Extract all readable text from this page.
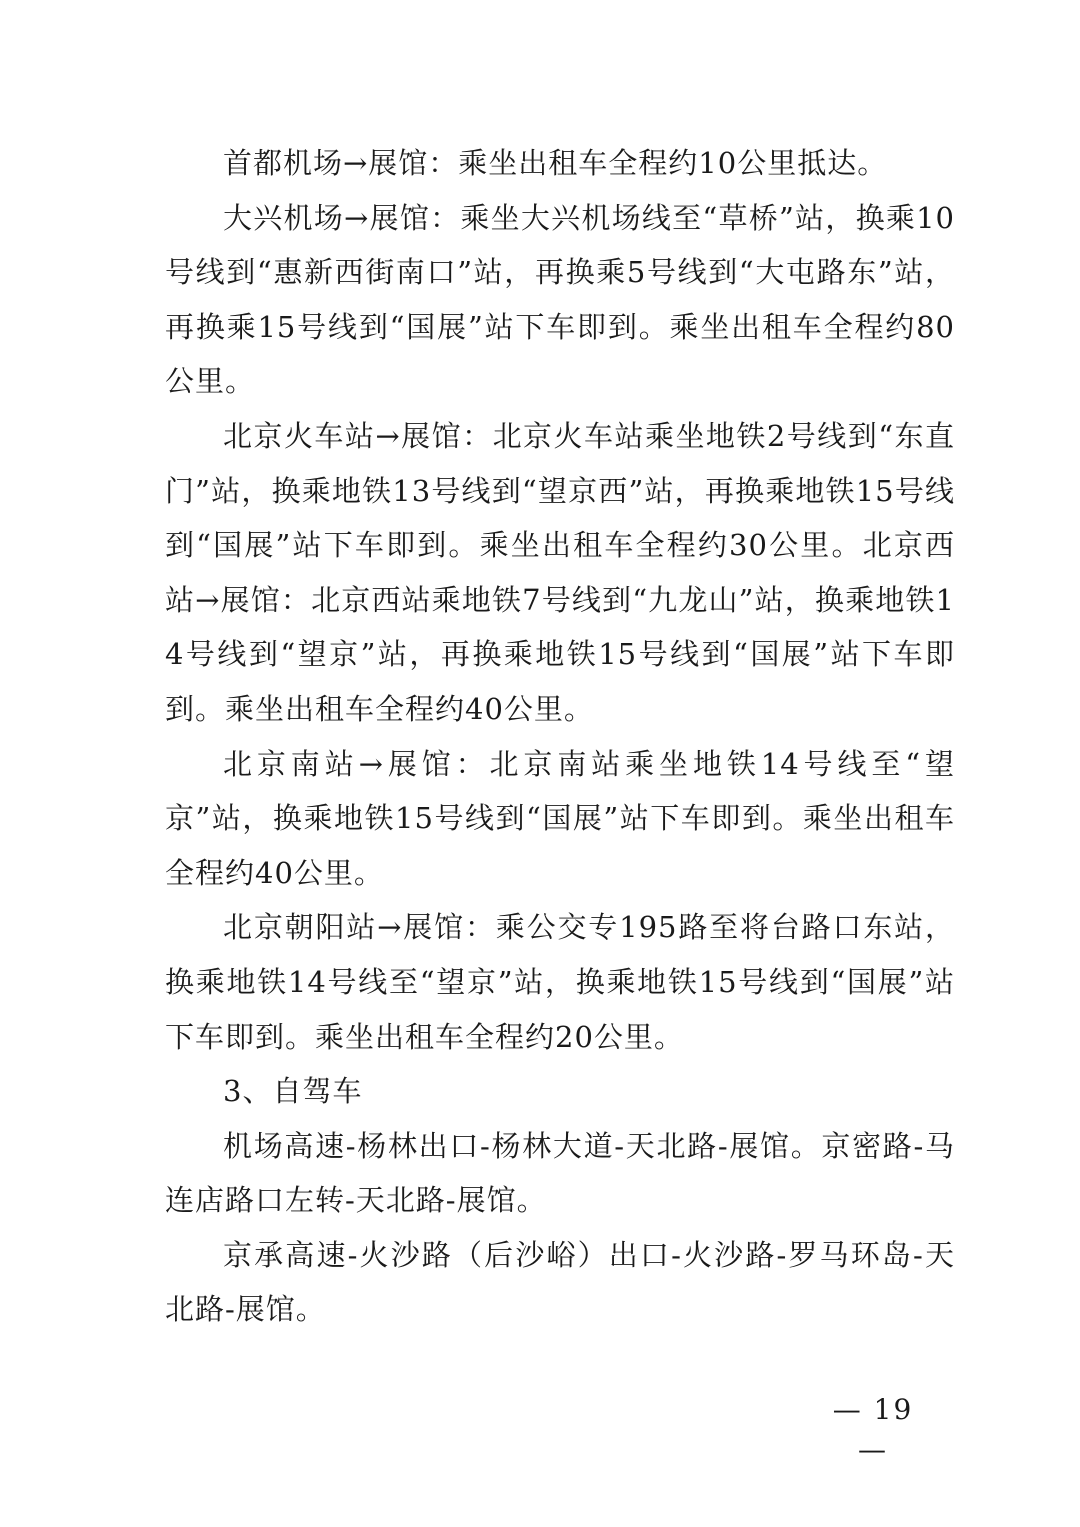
首都机场→展馆：乘坐出租车全程约10公里抵达。

大兴机场→展馆：乘坐大兴机场线至“草桥”站，换乘10号线到“惠新西街南口”站，再换乘5号线到“大屯路东”站，再换乘15号线到“国展”站下车即到。乘坐出租车全程约80公里。

北京火车站→展馆：北京火车站乘坐地铁2号线到“东直门”站，换乘地铁13号线到“望京西”站，再换乘地铁15号线到“国展”站下车即到。乘坐出租车全程约30公里。北京西站→展馆：北京西站乘地铁7号线到“九龙山”站，换乘地铁14号线到“望京”站，再换乘地铁15号线到“国展”站下车即到。乘坐出租车全程约40公里。

北京南站→展馆：北京南站乘坐地铁14号线至“望京”站，换乘地铁15号线到“国展”站下车即到。乘坐出租车全程约40公里。

北京朝阳站→展馆：乘公交专195路至将台路口东站，换乘地铁14号线至“望京”站，换乘地铁15号线到“国展”站下车即到。乘坐出租车全程约20公里。

3、自驾车

机场高速-杨林出口-杨林大道-天北路-展馆。京密路-马连店路口左转-天北路-展馆。

京承高速-火沙路（后沙峪）出口-火沙路-罗马环岛-天北路-展馆。

— 19 —
